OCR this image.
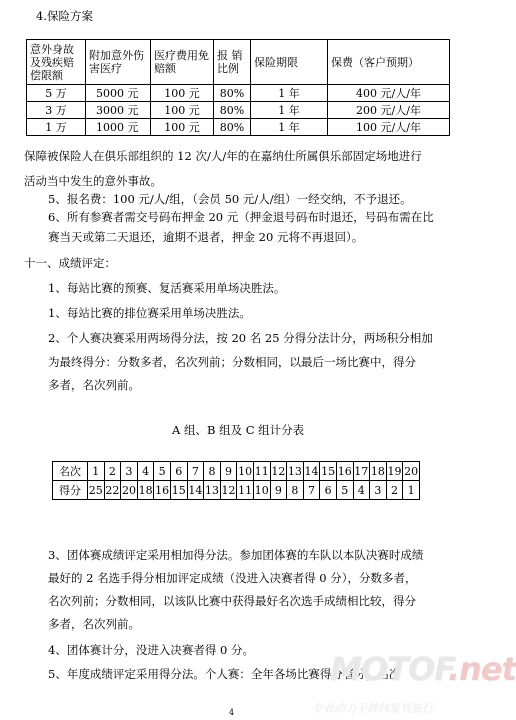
4.保险方案
意外身故及残疾赔偿限额	附加意外伤害医疗	医疗费用免赔额	报 销比例	保险期限	保费（客户预期）
5 万	5000 元	100 元	80%	1 年	400 元/人/年
3 万	3000 元	100 元	80%	1 年	200 元/人/年
1 万	1000 元	100 元	80%	1 年	100 元/人/年
保障被保险人在俱乐部组织的 12 次/人/年的在嘉纳仕所属俱乐部固定场地进行
活动当中发生的意外事故。
5、报名费：100 元/人/组，（会员 50 元/人/组）一经交纳，不予退还。
6、所有参赛者需交号码布押金 20 元（押金退号码布时退还，号码布需在比
赛当天或第二天退还，逾期不退者，押金 20 元将不再退回）。
十一、成绩评定：
1、每站比赛的预赛、复活赛采用单场决胜法。
1、每站比赛的排位赛采用单场决胜法。
2、个人赛决赛采用两场得分法，按 20 名 25 分得分法计分，两场积分相加
为最终得分：分数多者，名次列前；分数相同，以最后一场比赛中，得分
多者，名次列前。
A 组、B 组及 C 组计分表
名次	1	2	3	4	5	6	7	8	9	10	11	12	13	14	15	16	17	18	19	20
得分	25	22	20	18	16	15	14	13	12	11	10	9	8	7	6	5	4	3	2	1
3、团体赛成绩评定采用相加得分法。参加团体赛的车队以本队决赛时成绩
最好的 2 名选手得分相加评定成绩（没进入决赛者得 0 分），分数多者，
名次列前；分数相同，以该队比赛中获得最好名次选手成绩相比较，得分
多者，名次列前。
4、团体赛计分，没进入决赛者得 0 分。
5、年度成绩评定采用得分法。个人赛：全年各场比赛得分者分，名次
MOTOF.net
专业动力子牌找发货旅行
4
